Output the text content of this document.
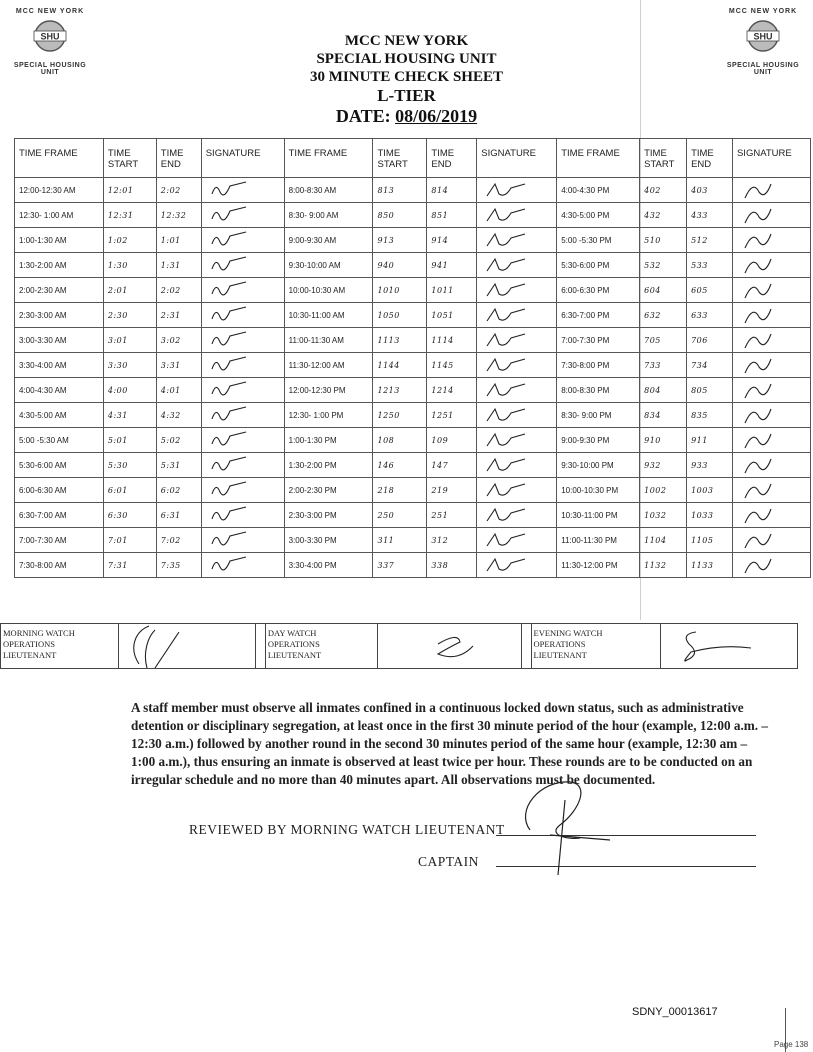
MCC NEW YORK
SHU
SPECIAL HOUSING UNIT
MCC NEW YORK
SHU
SPECIAL HOUSING UNIT
MCC NEW YORK
SPECIAL HOUSING UNIT
30 MINUTE CHECK SHEET
L-TIER
DATE: 08/06/2019
TIME FRAME	TIME START	TIME END	SIGNATURE	TIME FRAME	TIME START	TIME END	SIGNATURE	TIME FRAME	TIME START	TIME END	SIGNATURE
12:00-12:30 AM	12:01	2:02		8:00-8:30 AM	813	814		4:00-4:30 PM	402	403	

12:30- 1:00 AM	12:31	12:32		8:30- 9:00 AM	850	851		4:30-5:00 PM	432	433	

1:00-1:30 AM	1:02	1:01		9:00-9:30 AM	913	914		5:00 -5:30 PM	510	512	

1:30-2:00 AM	1:30	1:31		9:30-10:00 AM	940	941		5:30-6:00 PM	532	533	

2:00-2:30 AM	2:01	2:02		10:00-10:30 AM	1010	1011		6:00-6:30 PM	604	605	

2:30-3:00 AM	2:30	2:31		10:30-11:00 AM	1050	1051		6:30-7:00 PM	632	633	

3:00-3:30 AM	3:01	3:02		11:00-11:30 AM	1113	1114		7:00-7:30 PM	705	706	

3:30-4:00 AM	3:30	3:31		11:30-12:00 AM	1144	1145		7:30-8:00 PM	733	734	

4:00-4:30 AM	4:00	4:01		12:00-12:30 PM	1213	1214		8:00-8:30 PM	804	805	

4:30-5:00 AM	4:31	4:32		12:30- 1:00 PM	1250	1251		8:30- 9:00 PM	834	835	

5:00 -5:30 AM	5:01	5:02		1:00-1:30 PM	108	109		9:00-9:30 PM	910	911	

5:30-6:00 AM	5:30	5:31		1:30-2:00 PM	146	147		9:30-10:00 PM	932	933	

6:00-6:30 AM	6:01	6:02		2:00-2:30 PM	218	219		10:00-10:30 PM	1002	1003	

6:30-7:00 AM	6:30	6:31		2:30-3:00 PM	250	251		10:30-11:00 PM	1032	1033	

7:00-7:30 AM	7:01	7:02		3:00-3:30 PM	311	312		11:00-11:30 PM	1104	1105	

7:30-8:00 AM	7:31	7:35		3:30-4:00 PM	337	338		11:30-12:00 PM	1132	1133	
MORNING WATCH
OPERATIONS
LIEUTENANT
DAY WATCH
OPERATIONS
LIEUTENANT
EVENING WATCH
OPERATIONS
LIEUTENANT
A staff member must observe all inmates confined in a continuous locked down status, such as administrative detention or disciplinary segregation, at least once in the first 30 minute period of the hour (example, 12:00 a.m. – 12:30 a.m.) followed by another round in the second 30 minutes period of the same hour (example, 12:30 am – 1:00 a.m.), thus ensuring an inmate is observed at least twice per hour. These rounds are to be conducted on an irregular schedule and no more than 40 minutes apart. All observations must be documented.
REVIEWED BY MORNING WATCH LIEUTENANT
CAPTAIN
SDNY_00013617
Page 138
